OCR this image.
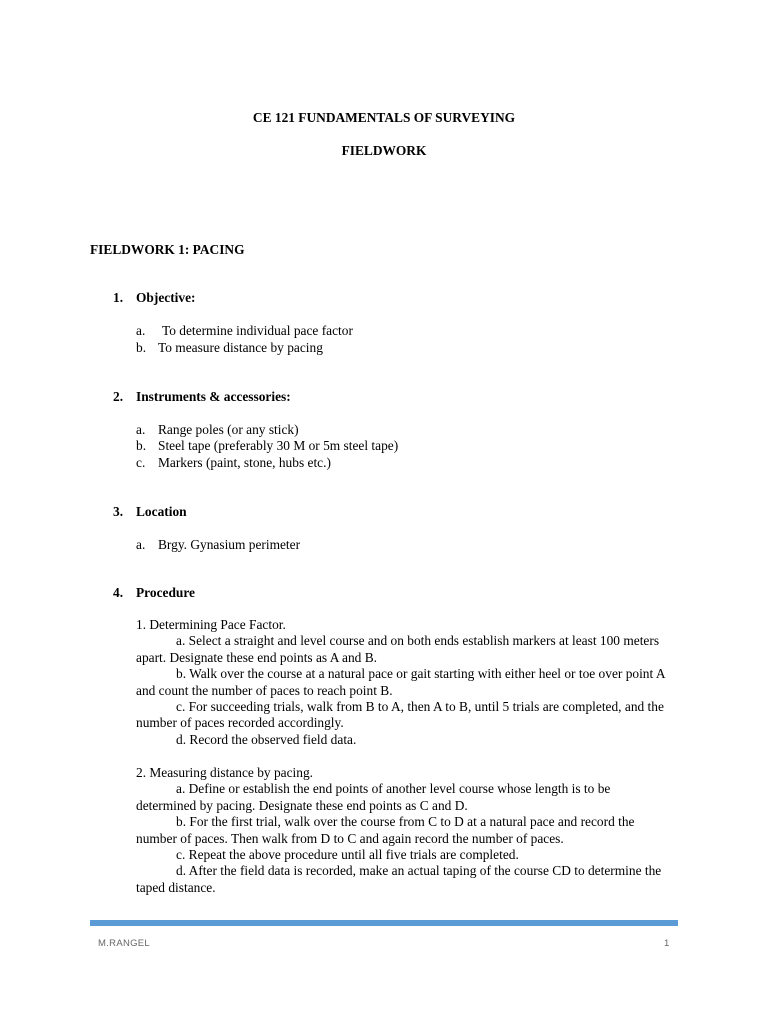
CE 121 FUNDAMENTALS OF SURVEYING
FIELDWORK
FIELDWORK 1: PACING
1. Objective:
a. To determine individual pace factor
b. To measure distance by pacing
2. Instruments & accessories:
a. Range poles (or any stick)
b. Steel tape (preferably 30 M or 5m steel tape)
c. Markers (paint, stone, hubs etc.)
3. Location
a. Brgy. Gynasium perimeter
4. Procedure

1. Determining Pace Factor.

a. Select a straight and level course and on both ends establish markers at least 100 meters apart. Designate these end points as A and B.

b. Walk over the course at a natural pace or gait starting with either heel or toe over point A and count the number of paces to reach point B.

c. For succeeding trials, walk from B to A, then A to B, until 5 trials are completed, and the number of paces recorded accordingly.

d. Record the observed field data.

2. Measuring distance by pacing.

a. Define or establish the end points of another level course whose length is to be determined by pacing. Designate these end points as C and D.

b. For the first trial, walk over the course from C to D at a natural pace and record the number of paces. Then walk from D to C and again record the number of paces.

c. Repeat the above procedure until all five trials are completed.

d. After the field data is recorded, make an actual taping of the course CD to determine the taped distance.

M.RANGEL	1
